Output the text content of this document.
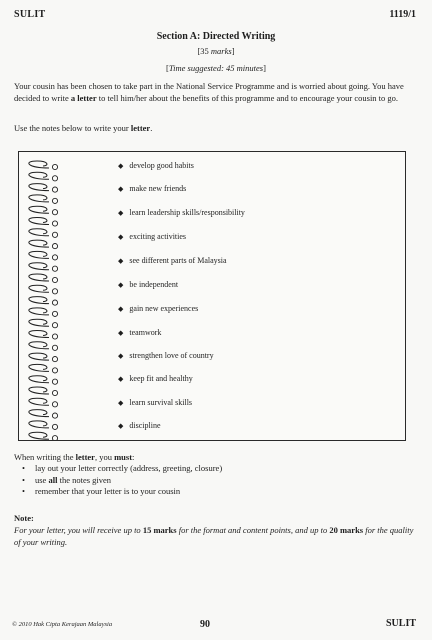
SULIT	1119/1
Section A: Directed Writing
[35 marks]
[Time suggested: 45 minutes]
Your cousin has been chosen to take part in the National Service Programme and is worried about going. You have decided to write a letter to tell him/her about the benefits of this programme and to encourage your cousin to go.
Use the notes below to write your letter.
◆ develop good habits
◆ make new friends
◆ learn leadership skills/responsibility
◆ exciting activities
◆ see different parts of Malaysia
◆ be independent
◆ gain new experiences
◆ teamwork
◆ strengthen love of country
◆ keep fit and healthy
◆ learn survival skills
◆ discipline
When writing the letter, you must:
• lay out your letter correctly (address, greeting, closure)
• use all the notes given
• remember that your letter is to your cousin
Note:
For your letter, you will receive up to 15 marks for the format and content points, and up to 20 marks for the quality of your writing.
© 2010 Hak Cipta Kerajaan Malaysia	90	SULIT
